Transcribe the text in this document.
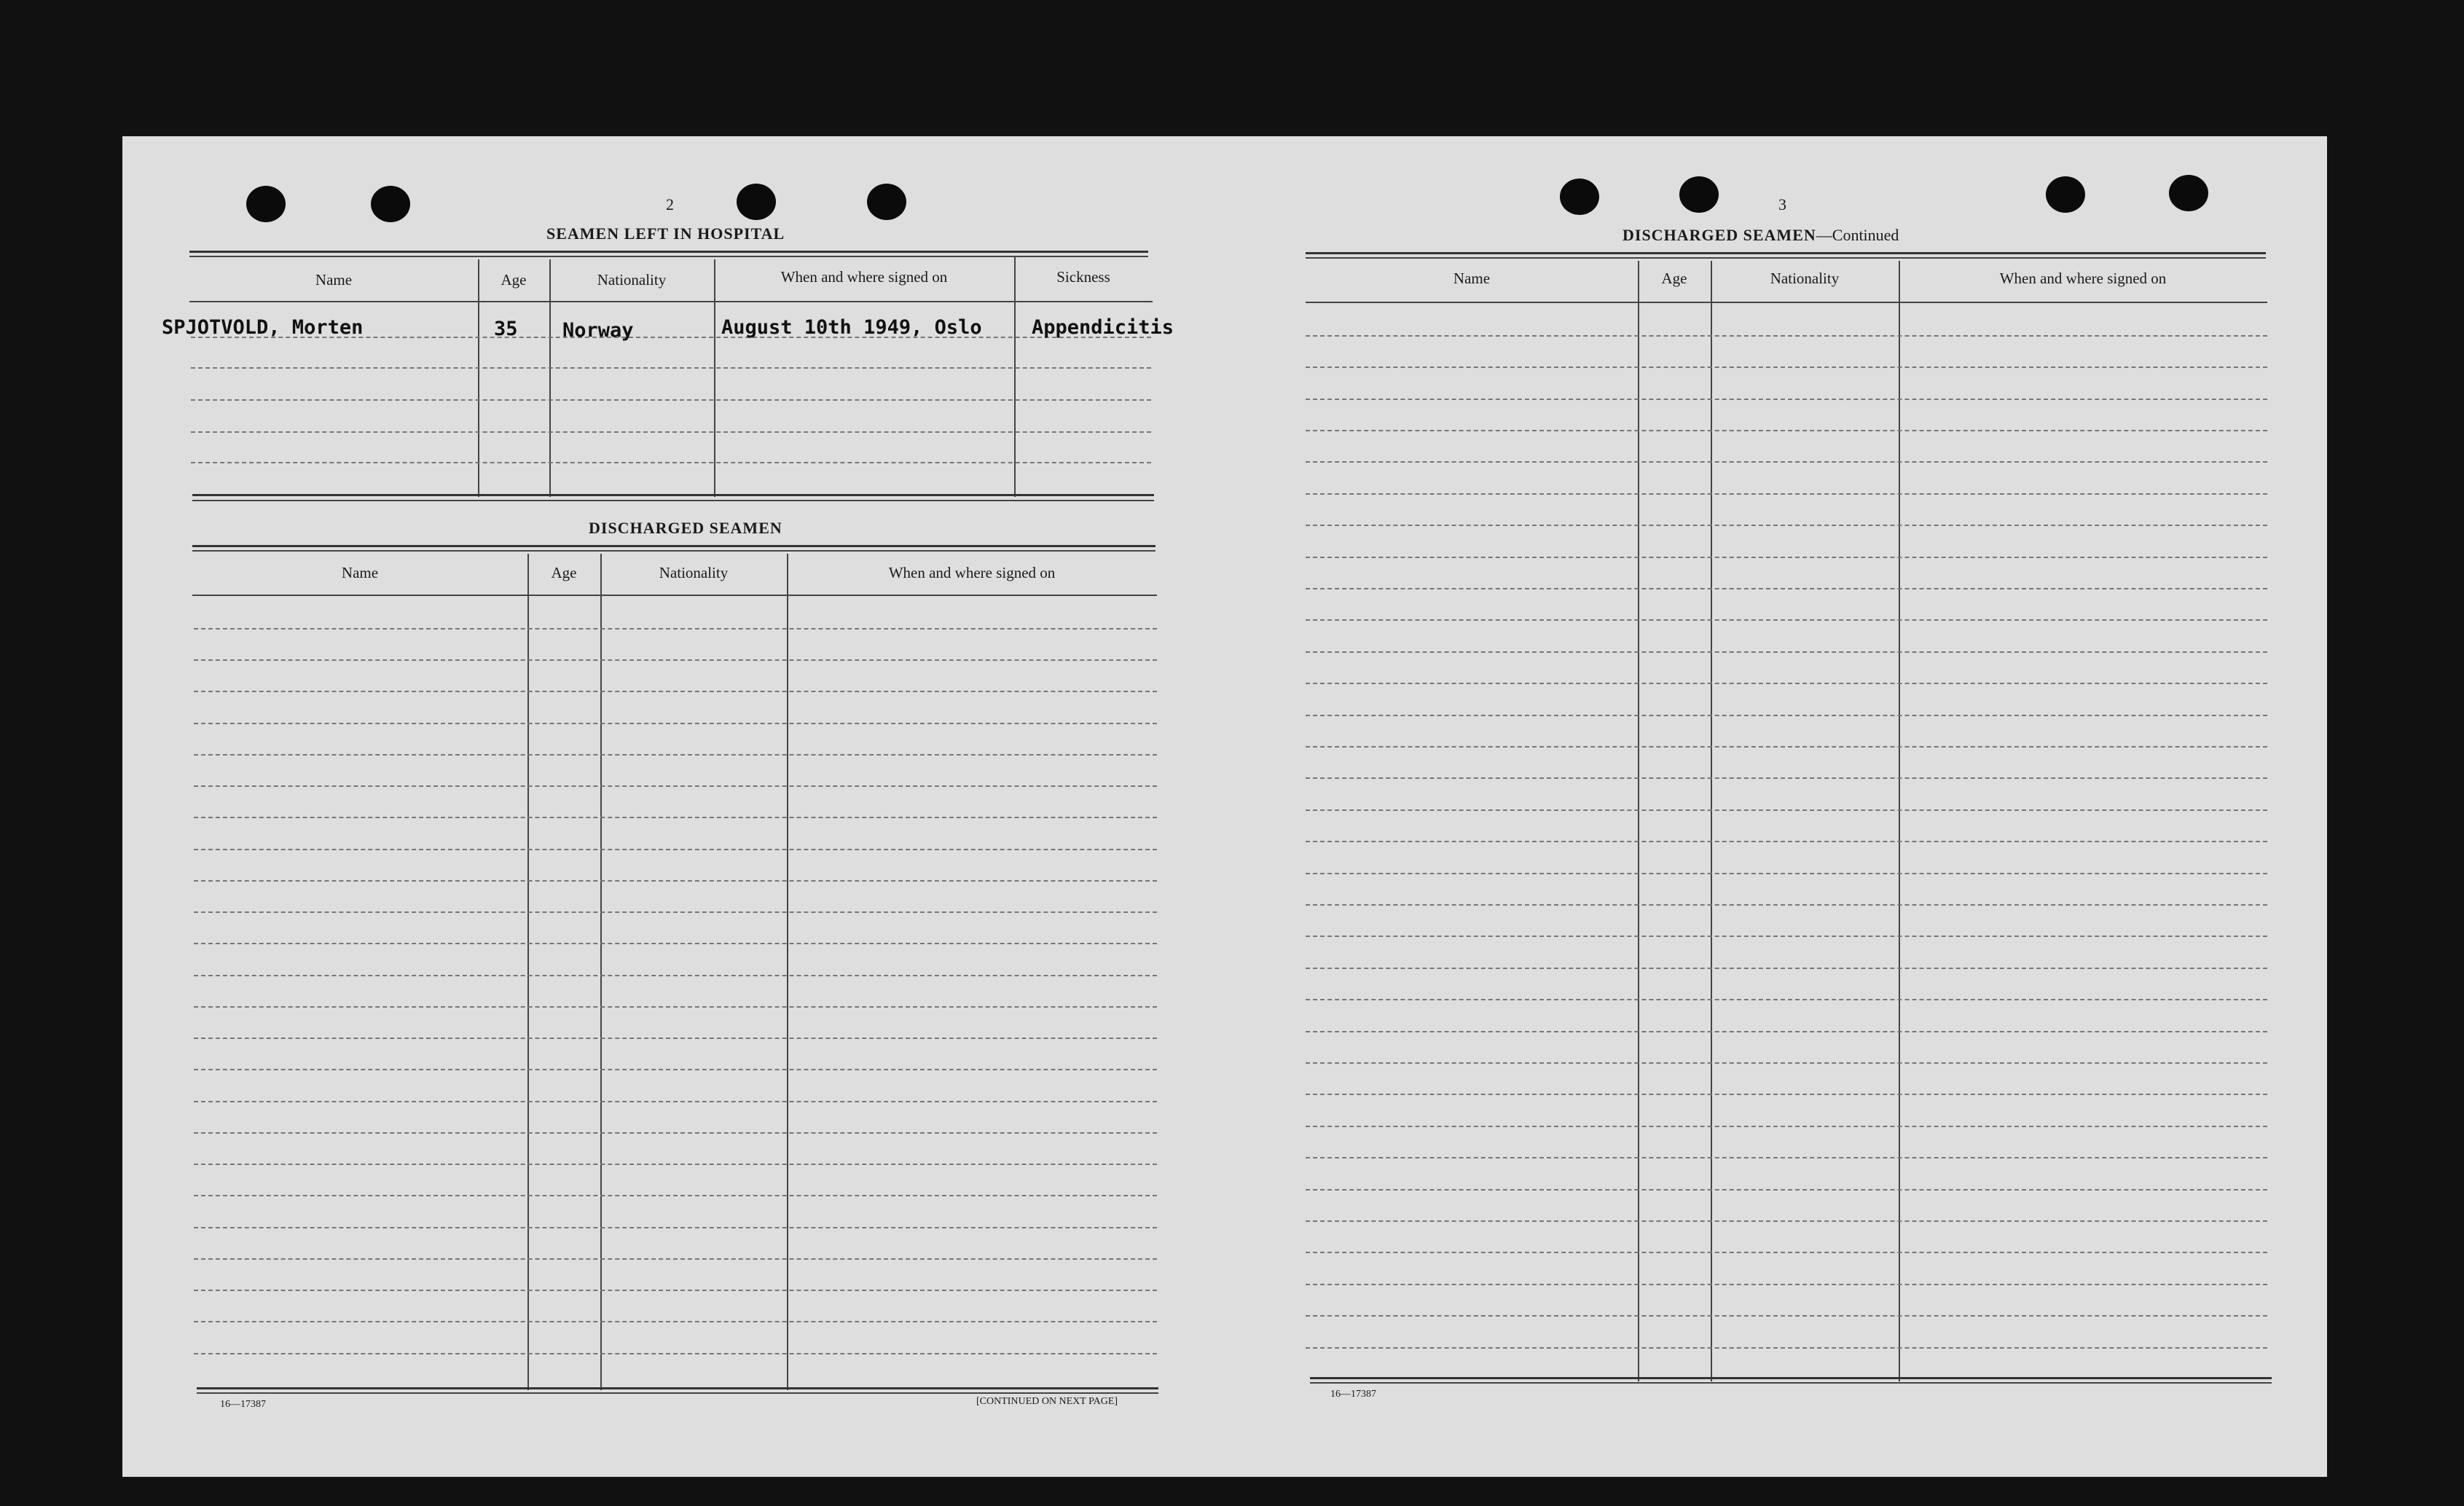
2
SEAMEN LEFT IN HOSPITAL
Name	Age	Nationality	When and where signed on	Sickness
SPJOTVOLD, Morten	35 Norway	August 10th 1949, Oslo	Appendicitis
DISCHARGED SEAMEN
Name	Age	Nationality	When and where signed on
16—17387	[CONTINUED ON NEXT PAGE]
3
DISCHARGED SEAMEN—Continued
Name	Age	Nationality	When and where signed on
16—17387
